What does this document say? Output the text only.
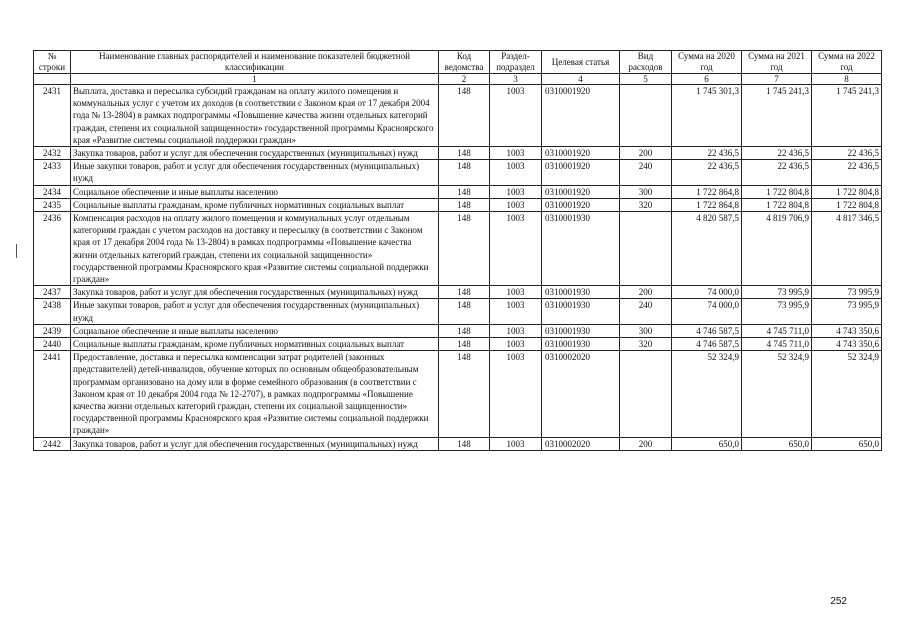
№ строки	Наименование главных распорядителей и наименование показателей бюджетной классификации	Код ведомства	Раздел-подраздел	Целевая статья	Вид расходов	Сумма на 2020 год	Сумма на 2021 год	Сумма на 2022 год
	1	2	3	4	5	6	7	8
2431	Выплата, доставка и пересылка субсидий гражданам на оплату жилого помещения и коммунальных услуг с учетом их доходов (в соответствии с Законом края от 17 декабря 2004 года № 13-2804) в рамках подпрограммы «Повышение качества жизни отдельных категорий граждан, степени их социальной защищенности» государственной программы Красноярского края «Развитие системы социальной поддержки граждан»	148	1003	0310001920		1 745 301,3	1 745 241,3	1 745 241,3
2432	Закупка товаров, работ и услуг для обеспечения государственных (муниципальных) нужд	148	1003	0310001920	200	22 436,5	22 436,5	22 436,5
2433	Иные закупки товаров, работ и услуг для обеспечения государственных (муниципальных) нужд	148	1003	0310001920	240	22 436,5	22 436,5	22 436,5
2434	Социальное обеспечение и иные выплаты населению	148	1003	0310001920	300	1 722 864,8	1 722 804,8	1 722 804,8
2435	Социальные выплаты гражданам, кроме публичных нормативных социальных выплат	148	1003	0310001920	320	1 722 864,8	1 722 804,8	1 722 804,8
2436	Компенсация расходов на оплату жилого помещения и коммунальных услуг отдельным категориям граждан с учетом расходов на доставку и пересылку (в соответствии с Законом края от 17 декабря 2004 года № 13-2804) в рамках подпрограммы «Повышение качества жизни отдельных категорий граждан, степени их социальной защищенности» государственной программы Красноярского края «Развитие системы социальной поддержки граждан»	148	1003	0310001930		4 820 587,5	4 819 706,9	4 817 346,5
2437	Закупка товаров, работ и услуг для обеспечения государственных (муниципальных) нужд	148	1003	0310001930	200	74 000,0	73 995,9	73 995,9
2438	Иные закупки товаров, работ и услуг для обеспечения государственных (муниципальных) нужд	148	1003	0310001930	240	74 000,0	73 995,9	73 995,9
2439	Социальное обеспечение и иные выплаты населению	148	1003	0310001930	300	4 746 587,5	4 745 711,0	4 743 350,6
2440	Социальные выплаты гражданам, кроме публичных нормативных социальных выплат	148	1003	0310001930	320	4 746 587,5	4 745 711,0	4 743 350,6
2441	Предоставление, доставка и пересылка компенсации затрат родителей (законных представителей) детей-инвалидов, обучение которых по основным общеобразовательным программам организовано на дому или в форме семейного образования (в соответствии с Законом края от 10 декабря 2004 года № 12-2707), в рамках подпрограммы «Повышение качества жизни отдельных категорий граждан, степени их социальной защищенности» государственной программы Красноярского края «Развитие системы социальной поддержки граждан»	148	1003	0310002020		52 324,9	52 324,9	52 324,9
2442	Закупка товаров, работ и услуг для обеспечения государственных (муниципальных) нужд	148	1003	0310002020	200	650,0	650,0	650,0
252
